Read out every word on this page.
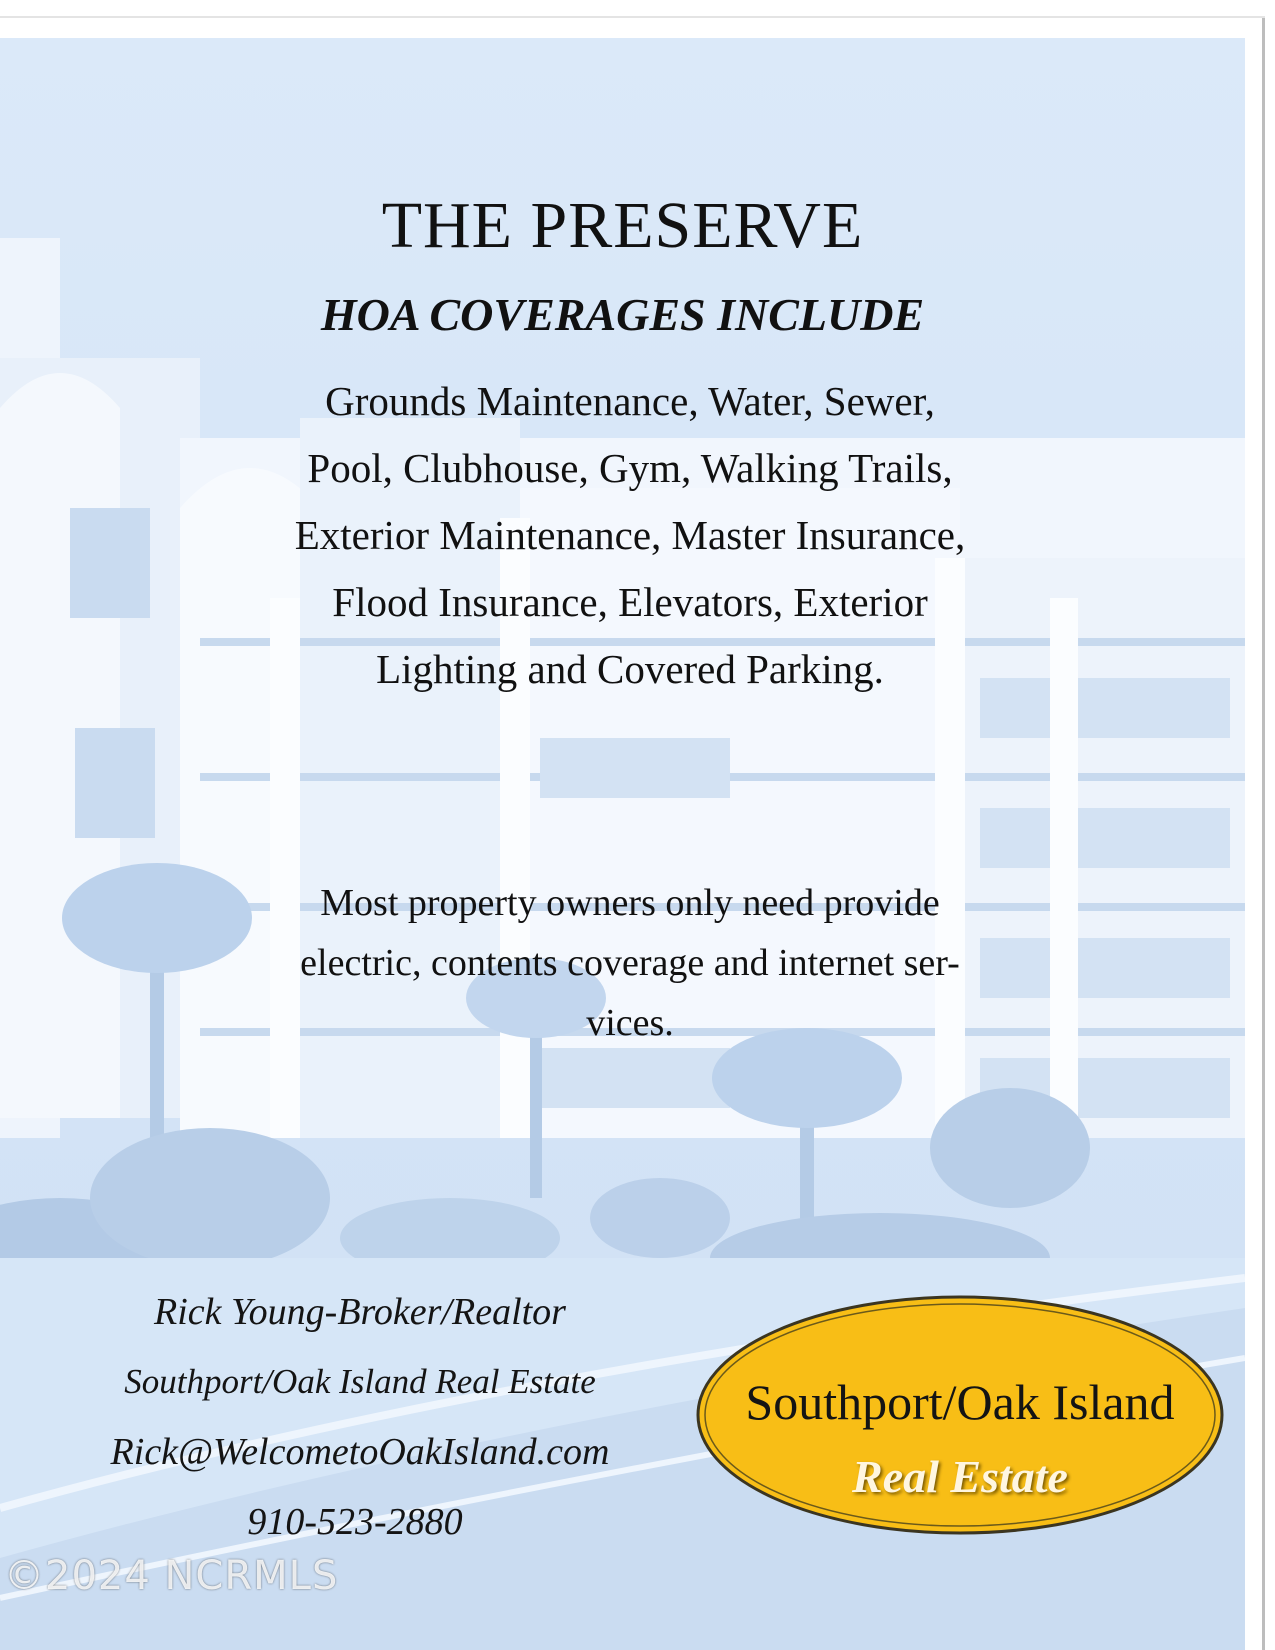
THE PRESERVE
HOA COVERAGES INCLUDE
Grounds Maintenance, Water, Sewer,
Pool, Clubhouse, Gym, Walking Trails,
Exterior Maintenance, Master Insurance,
Flood Insurance, Elevators, Exterior
Lighting and Covered Parking.
Most property owners only need provide
electric, contents coverage and internet ser-
vices.
Rick Young-Broker/Realtor
Southport/Oak Island Real Estate
Rick@WelcometoOakIsland.com
910-523-2880
Southport/Oak Island
Real Estate
©2024 NCRMLS
